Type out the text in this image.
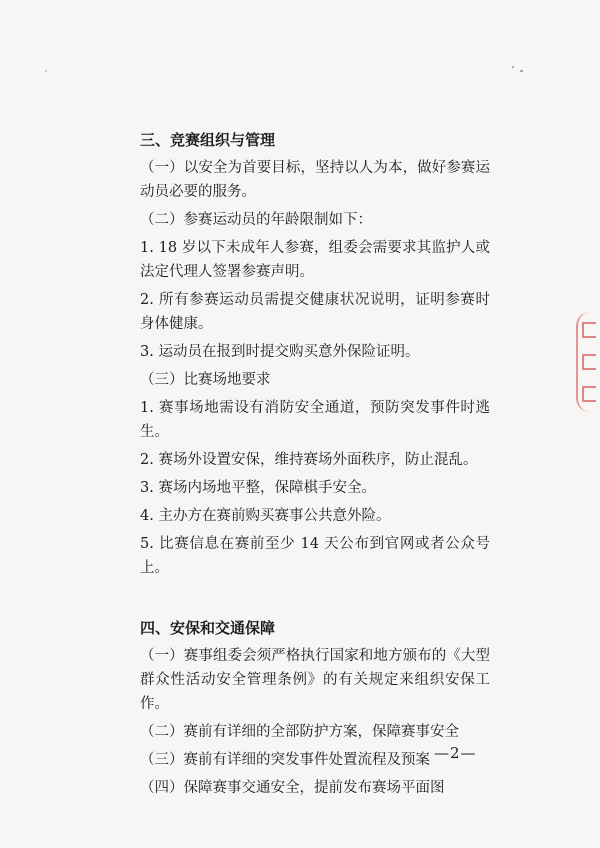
三、竞赛组织与管理

（一）以安全为首要目标，坚持以人为本，做好参赛运动员必要的服务。

（二）参赛运动员的年龄限制如下：

1. 18 岁以下未成年人参赛，组委会需要求其监护人或法定代理人签署参赛声明。

2. 所有参赛运动员需提交健康状况说明，证明参赛时身体健康。

3. 运动员在报到时提交购买意外保险证明。

（三）比赛场地要求

1. 赛事场地需设有消防安全通道，预防突发事件时逃生。

2. 赛场外设置安保，维持赛场外面秩序，防止混乱。

3. 赛场内场地平整，保障棋手安全。

4. 主办方在赛前购买赛事公共意外险。

5. 比赛信息在赛前至少 14 天公布到官网或者公众号上。

四、安保和交通保障

（一）赛事组委会须严格执行国家和地方颁布的《大型群众性活动安全管理条例》的有关规定来组织安保工作。

（二）赛前有详细的全部防护方案，保障赛事安全

（三）赛前有详细的突发事件处置流程及预案

（四）保障赛事交通安全，提前发布赛场平面图

—2—
